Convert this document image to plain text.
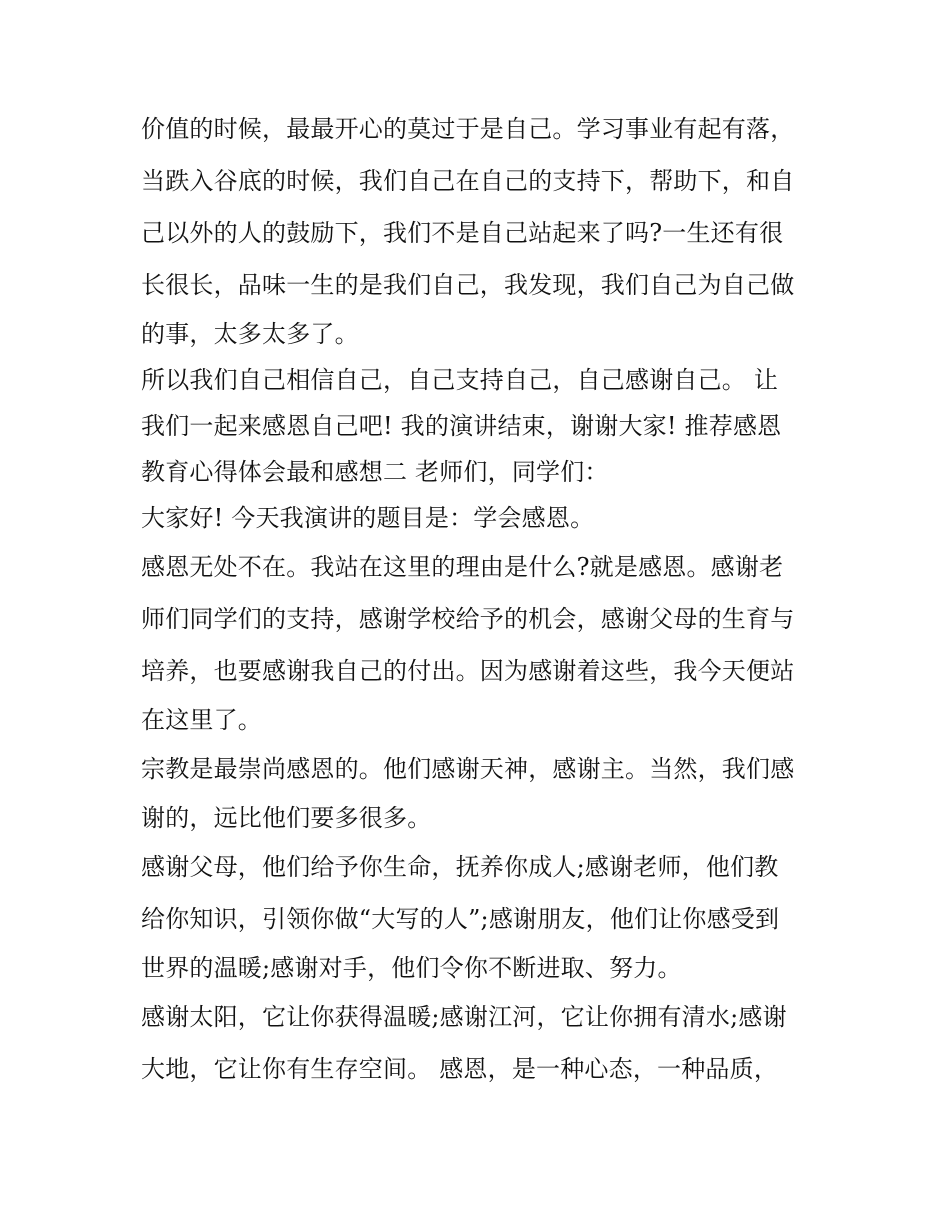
价值的时候，最最开心的莫过于是自己。学习事业有起有落，
当跌入谷底的时候，我们自己在自己的支持下，帮助下，和自
己以外的人的鼓励下，我们不是自己站起来了吗?一生还有很
长很长，品味一生的是我们自己，我发现，我们自己为自己做
的事，太多太多了。
所以我们自己相信自己，自己支持自己，自己感谢自己。 让
我们一起来感恩自己吧! 我的演讲结束，谢谢大家! 推荐感恩
教育心得体会最和感想二 老师们，同学们：
大家好! 今天我演讲的题目是：学会感恩。
感恩无处不在。我站在这里的理由是什么?就是感恩。感谢老
师们同学们的支持，感谢学校给予的机会，感谢父母的生育与
培养，也要感谢我自己的付出。因为感谢着这些，我今天便站
在这里了。
宗教是最崇尚感恩的。他们感谢天神，感谢主。当然，我们感
谢的，远比他们要多很多。
感谢父母，他们给予你生命，抚养你成人;感谢老师，他们教
给你知识，引领你做“大写的人”;感谢朋友，他们让你感受到
世界的温暖;感谢对手，他们令你不断进取、努力。
感谢太阳，它让你获得温暖;感谢江河，它让你拥有清水;感谢
大地，它让你有生存空间。 感恩，是一种心态，一种品质，
